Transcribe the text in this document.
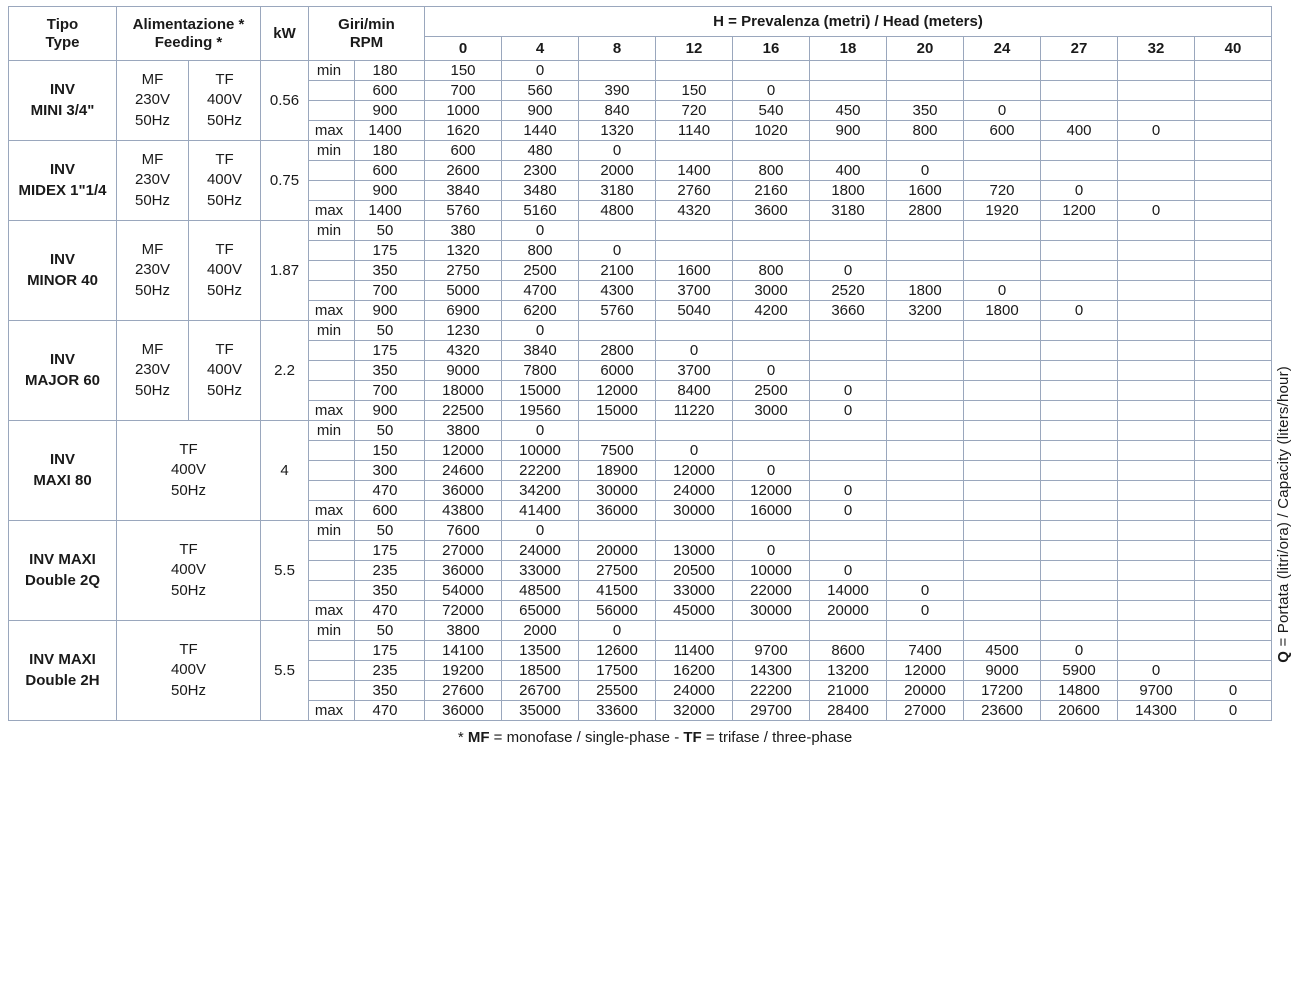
Tipo
Type

Alimentazione *
Feeding *
	kW	
Giri/min
RPM
	H = Prevalenza (metri) / Head (meters)
						0	4	8	12	16	18	20	24	27	32	40

INV
MINI 3/4"

MF
230V
50Hz

TF
400V
50Hz
	0.56	min	180	150	0									
					600	700	560	390	150	0						
					900	1000	900	840	720	540	450	350	0			
				max	1400	1620	1440	1320	1140	1020	900	800	600	400	0	

INV
MIDEX 1"1/4

MF
230V
50Hz

TF
400V
50Hz
	0.75	min	180	600	480	0								
					600	2600	2300	2000	1400	800	400	0				
					900	3840	3480	3180	2760	2160	1800	1600	720	0		
				max	1400	5760	5160	4800	4320	3600	3180	2800	1920	1200	0	

INV
MINOR 40

MF
230V
50Hz

TF
400V
50Hz
	1.87	min	50	380	0									
					175	1320	800	0								
					350	2750	2500	2100	1600	800	0					
					700	5000	4700	4300	3700	3000	2520	1800	0			
				max	900	6900	6200	5760	5040	4200	3660	3200	1800	0		

INV
MAJOR 60

MF
230V
50Hz

TF
400V
50Hz
	2.2	min	50	1230	0									
					175	4320	3840	2800	0							
					350	9000	7800	6000	3700	0						
					700	18000	15000	12000	8400	2500	0					
				max	900	22500	19560	15000	11220	3000	0					

INV
MAXI 80

TF
400V
50Hz
	4	min	50	3800	0									
					150	12000	10000	7500	0							
					300	24600	22200	18900	12000	0						
					470	36000	34200	30000	24000	12000	0					
				max	600	43800	41400	36000	30000	16000	0					

INV MAXI
Double 2Q

TF
400V
50Hz
	5.5	min	50	7600	0									
					175	27000	24000	20000	13000	0						
					235	36000	33000	27500	20500	10000	0					
					350	54000	48500	41500	33000	22000	14000	0				
				max	470	72000	65000	56000	45000	30000	20000	0				

INV MAXI
Double 2H

TF
400V
50Hz
	5.5	min	50	3800	2000	0								
					175	14100	13500	12600	11400	9700	8600	7400	4500	0		
					235	19200	18500	17500	16200	14300	13200	12000	9000	5900	0	
					350	27600	26700	25500	24000	22200	21000	20000	17200	14800	9700	0
				max	470	36000	35000	33600	32000	29700	28400	27000	23600	20600	14300	0
Q = Portata (litri/ora) / Capacity (liters/hour)
* MF = monofase / single-phase - TF = trifase / three-phase
